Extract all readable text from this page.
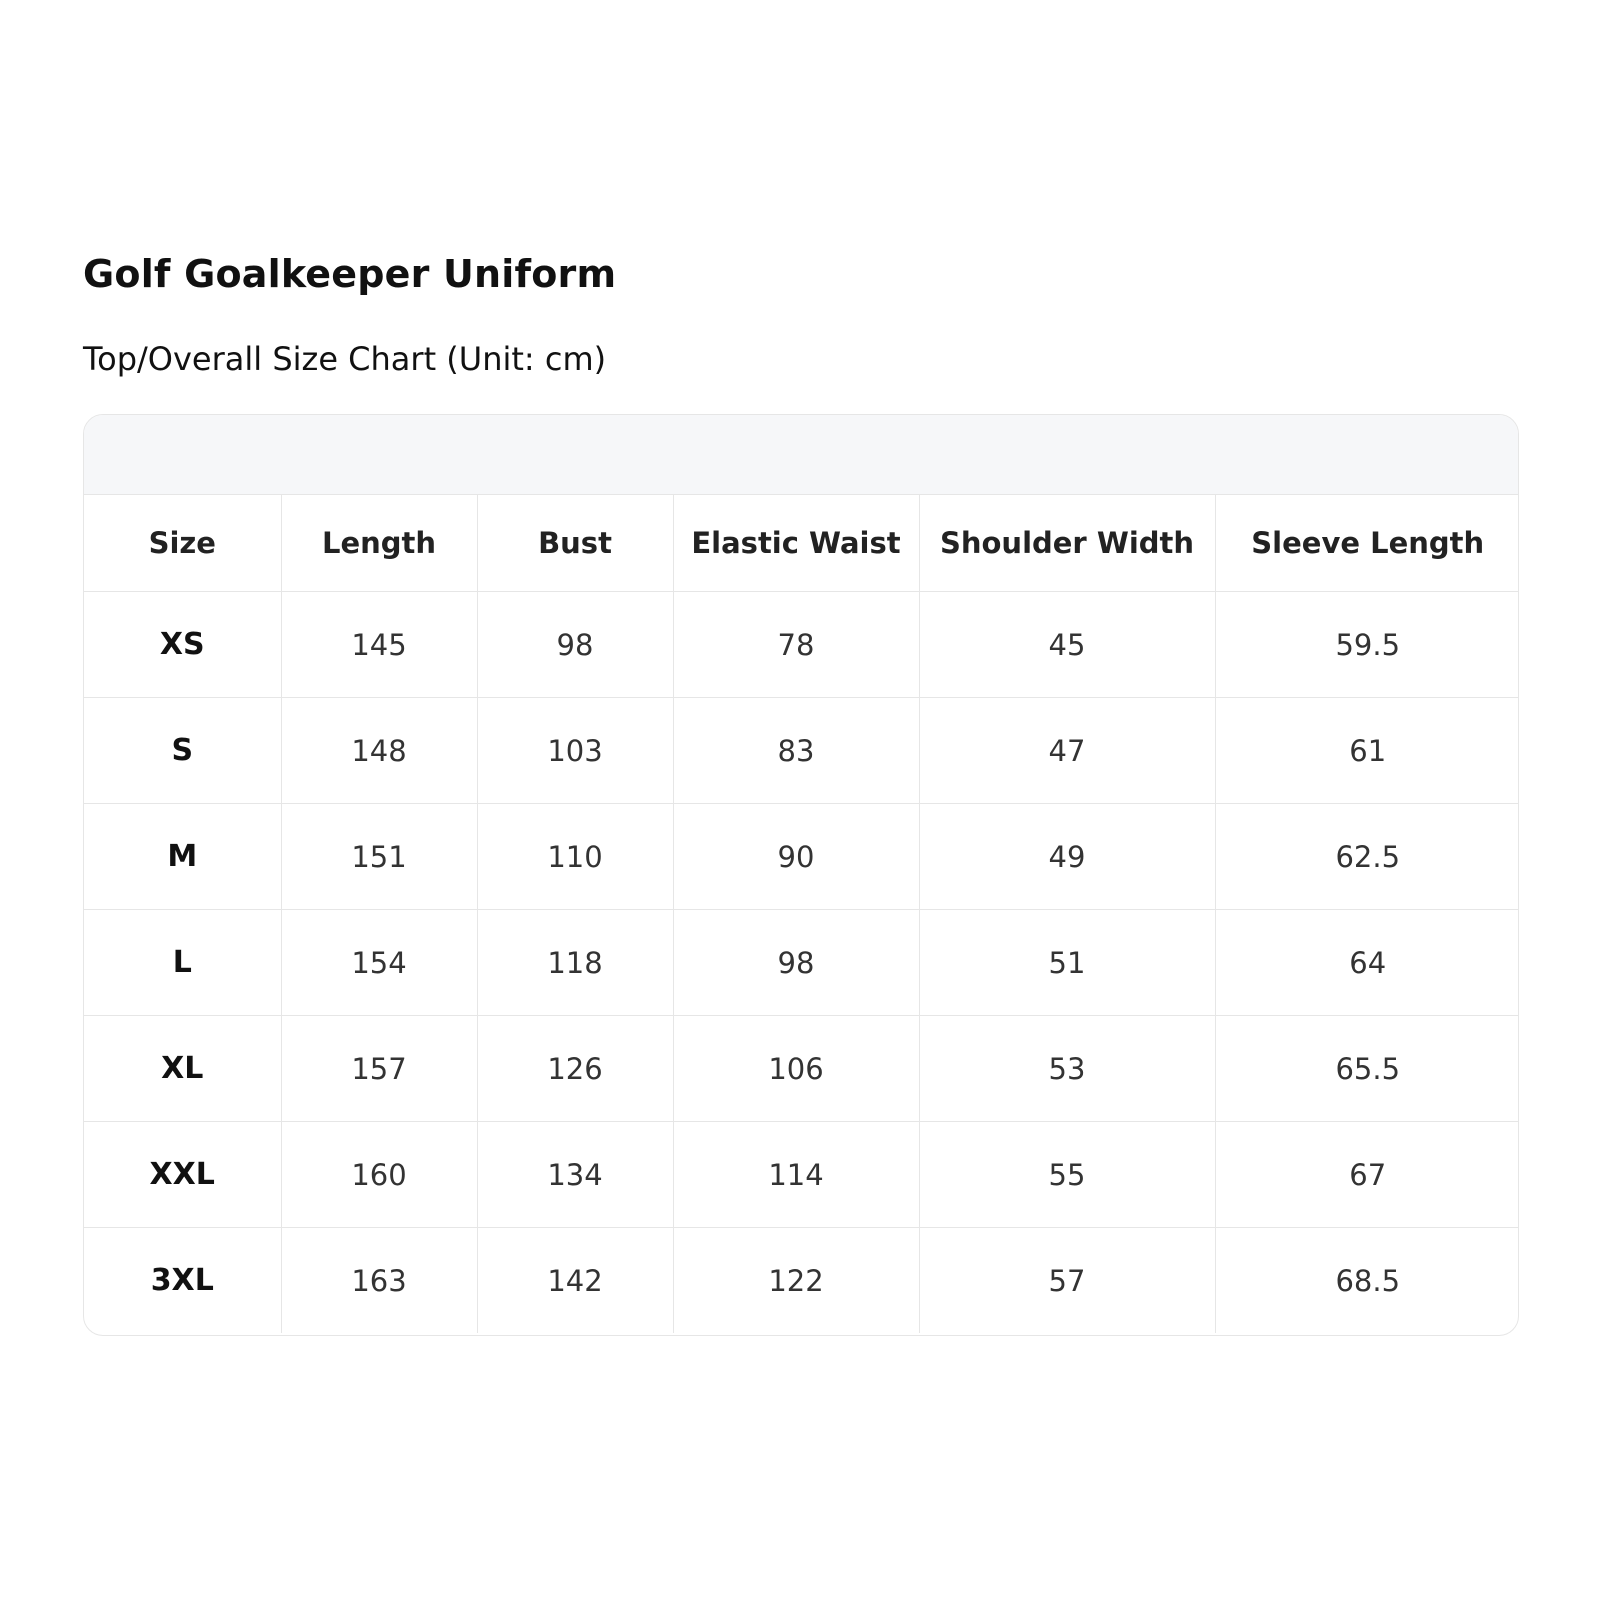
Golf Goalkeeper Uniform
Top/Overall Size Chart (Unit: cm)
Size	Length	Bust	Elastic Waist	Shoulder Width	Sleeve Length
XS	145	98	78	45	59.5
S	148	103	83	47	61
M	151	110	90	49	62.5
L	154	118	98	51	64
XL	157	126	106	53	65.5
XXL	160	134	114	55	67
3XL	163	142	122	57	68.5
